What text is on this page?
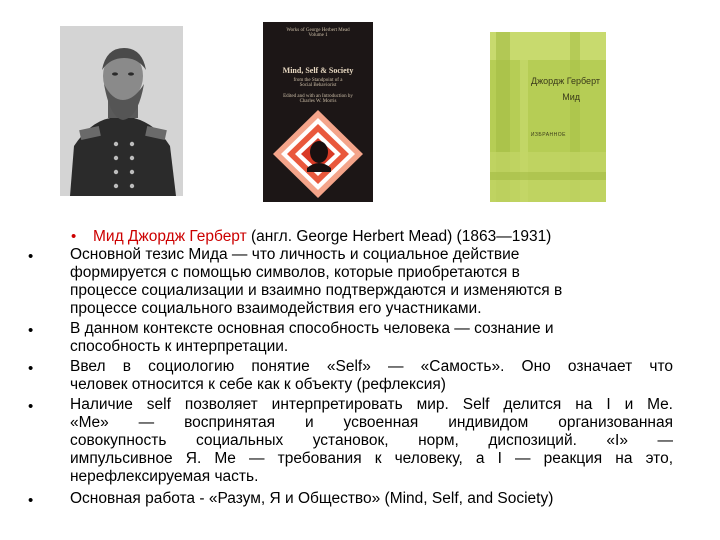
Works of George Herbert Mead
Volume 1
Mind, Self & Society
from the Standpoint of a
Social Behaviorist
Edited and with an Introduction by
Charles W. Morris
Джордж Герберт
Мид
ИЗБРАННОЕ
• Мид Джордж Герберт (англ. George Herbert Mead) (1863—1931)
• Основной тезис Мида — что личность и социальное действие
формируется с помощью символов, которые приобретаются в
процессе социализации и взаимно подтверждаются и изменяются в
процессе социального взаимодействия его участниками.
• В данном контексте основная способность человека — сознание и
способность к интерпретации.
• Ввел в социологию понятие «Self» — «Самость». Оно означает что
человек относится к себе как к объекту (рефлексия)
• Наличие self позволяет интерпретировать мир. Self делится на I и Me.
«Me» — воспринятая и усвоенная индивидом организованная
совокупность социальных установок, норм, диспозиций. «I» —
импульсивное Я. Me — требования к человеку, а I — реакция на это,
нерефлексируемая часть.
• Основная работа - «Разум, Я и Общество» (Mind, Self, and Society)
